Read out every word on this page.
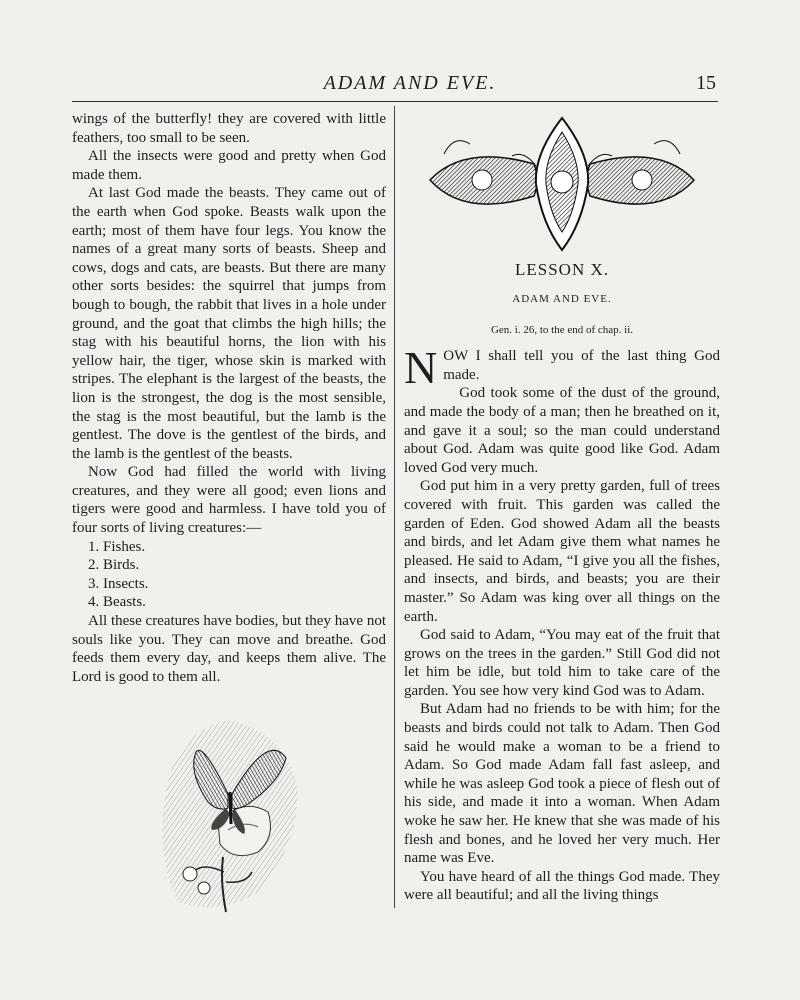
ADAM AND EVE.	15

wings of the butterfly! they are covered with little feathers, too small to be seen.

All the insects were good and pretty when God made them.

At last God made the beasts. They came out of the earth when God spoke. Beasts walk upon the earth; most of them have four legs. You know the names of a great many sorts of beasts. Sheep and cows, dogs and cats, are beasts. But there are many other sorts besides: the squirrel that jumps from bough to bough, the rabbit that lives in a hole under ground, and the goat that climbs the high hills; the stag with his beautiful horns, the lion with his yellow hair, the tiger, whose skin is marked with stripes. The elephant is the largest of the beasts, the lion is the strongest, the dog is the most sensible, the stag is the most beautiful, but the lamb is the gentlest. The dove is the gentlest of the birds, and the lamb is the gentlest of the beasts.

Now God had filled the world with living creatures, and they were all good; even lions and tigers were good and harmless. I have told you of four sorts of living creatures:—

1. Fishes.
2. Birds.
3. Insects.
4. Beasts.

All these creatures have bodies, but they have not souls like you. They can move and breathe. God feeds them every day, and keeps them alive. The Lord is good to them all.

LESSON X.
ADAM AND EVE.
Gen. i. 26, to the end of chap. ii.

NOW I shall tell you of the last thing God made.

God took some of the dust of the ground, and made the body of a man; then he breathed on it, and gave it a soul; so the man could understand about God. Adam was quite good like God. Adam loved God very much.

God put him in a very pretty garden, full of trees covered with fruit. This garden was called the garden of Eden. God showed Adam all the beasts and birds, and let Adam give them what names he pleased. He said to Adam, “I give you all the fishes, and insects, and birds, and beasts; you are their master.” So Adam was king over all things on the earth.

God said to Adam, “You may eat of the fruit that grows on the trees in the garden.” Still God did not let him be idle, but told him to take care of the garden. You see how very kind God was to Adam.

But Adam had no friends to be with him; for the beasts and birds could not talk to Adam. Then God said he would make a woman to be a friend to Adam. So God made Adam fall fast asleep, and while he was asleep God took a piece of flesh out of his side, and made it into a woman. When Adam woke he saw her. He knew that she was made of his flesh and bones, and he loved her very much. Her name was Eve.

You have heard of all the things God made. They were all beautiful; and all the living things
